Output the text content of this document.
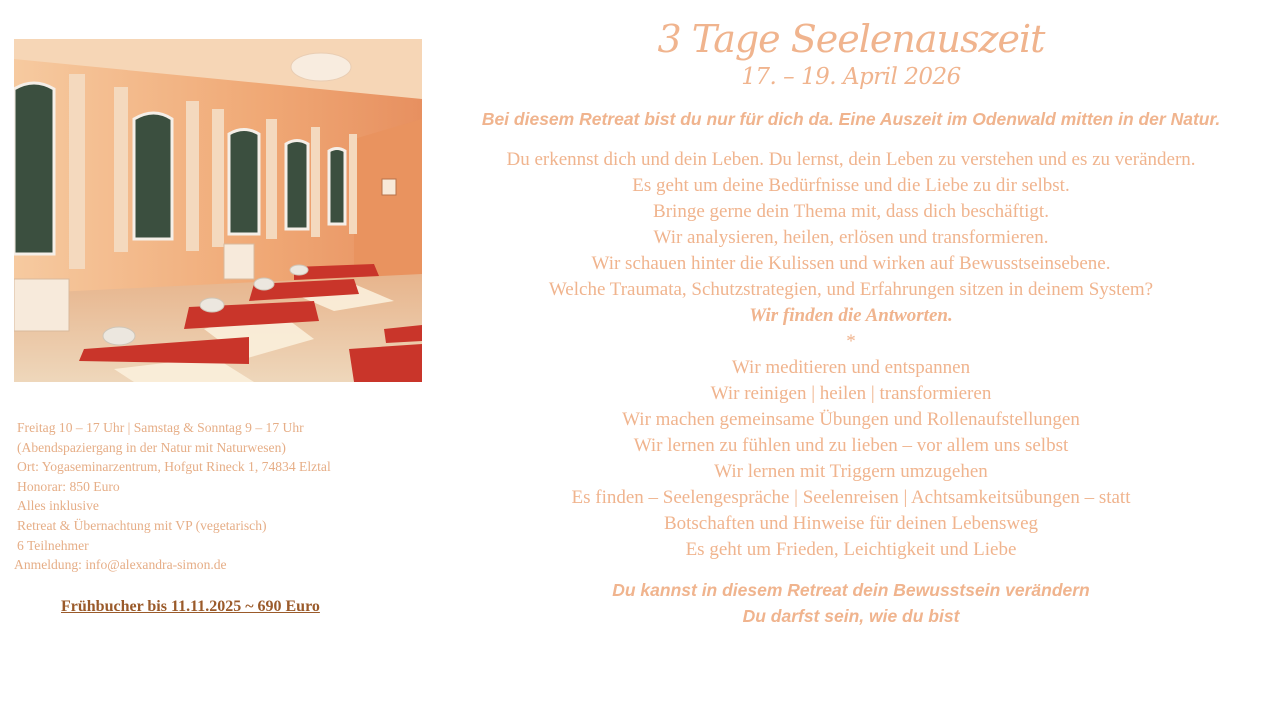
Freitag 10 – 17 Uhr | Samstag & Sonntag 9 – 17 Uhr
(Abendspaziergang in der Natur mit Naturwesen)
Ort: Yogaseminarzentrum, Hofgut Rineck 1, 74834 Elztal
Honorar: 850 Euro
Alles inklusive
Retreat & Übernachtung mit VP (vegetarisch)
6 Teilnehmer
Anmeldung: info@alexandra-simon.de
Frühbucher bis 11.11.2025 ~ 690 Euro
3 Tage Seelenauszeit
17. – 19. April 2026
Bei diesem Retreat bist du nur für dich da. Eine Auszeit im Odenwald mitten in der Natur.
Du erkennst dich und dein Leben. Du lernst, dein Leben zu verstehen und es zu verändern.
Es geht um deine Bedürfnisse und die Liebe zu dir selbst.
Bringe gerne dein Thema mit, dass dich beschäftigt.
Wir analysieren, heilen, erlösen und transformieren.
Wir schauen hinter die Kulissen und wirken auf Bewusstseinsebene.
Welche Traumata, Schutzstrategien, und Erfahrungen sitzen in deinem System?
Wir finden die Antworten.
*
Wir meditieren und entspannen
Wir reinigen | heilen | transformieren
Wir machen gemeinsame Übungen und Rollenaufstellungen
Wir lernen zu fühlen und zu lieben – vor allem uns selbst
Wir lernen mit Triggern umzugehen
Es finden – Seelengespräche | Seelenreisen | Achtsamkeitsübungen – statt
Botschaften und Hinweise für deinen Lebensweg
Es geht um Frieden, Leichtigkeit und Liebe
Du kannst in diesem Retreat dein Bewusstsein verändern
Du darfst sein, wie du bist
